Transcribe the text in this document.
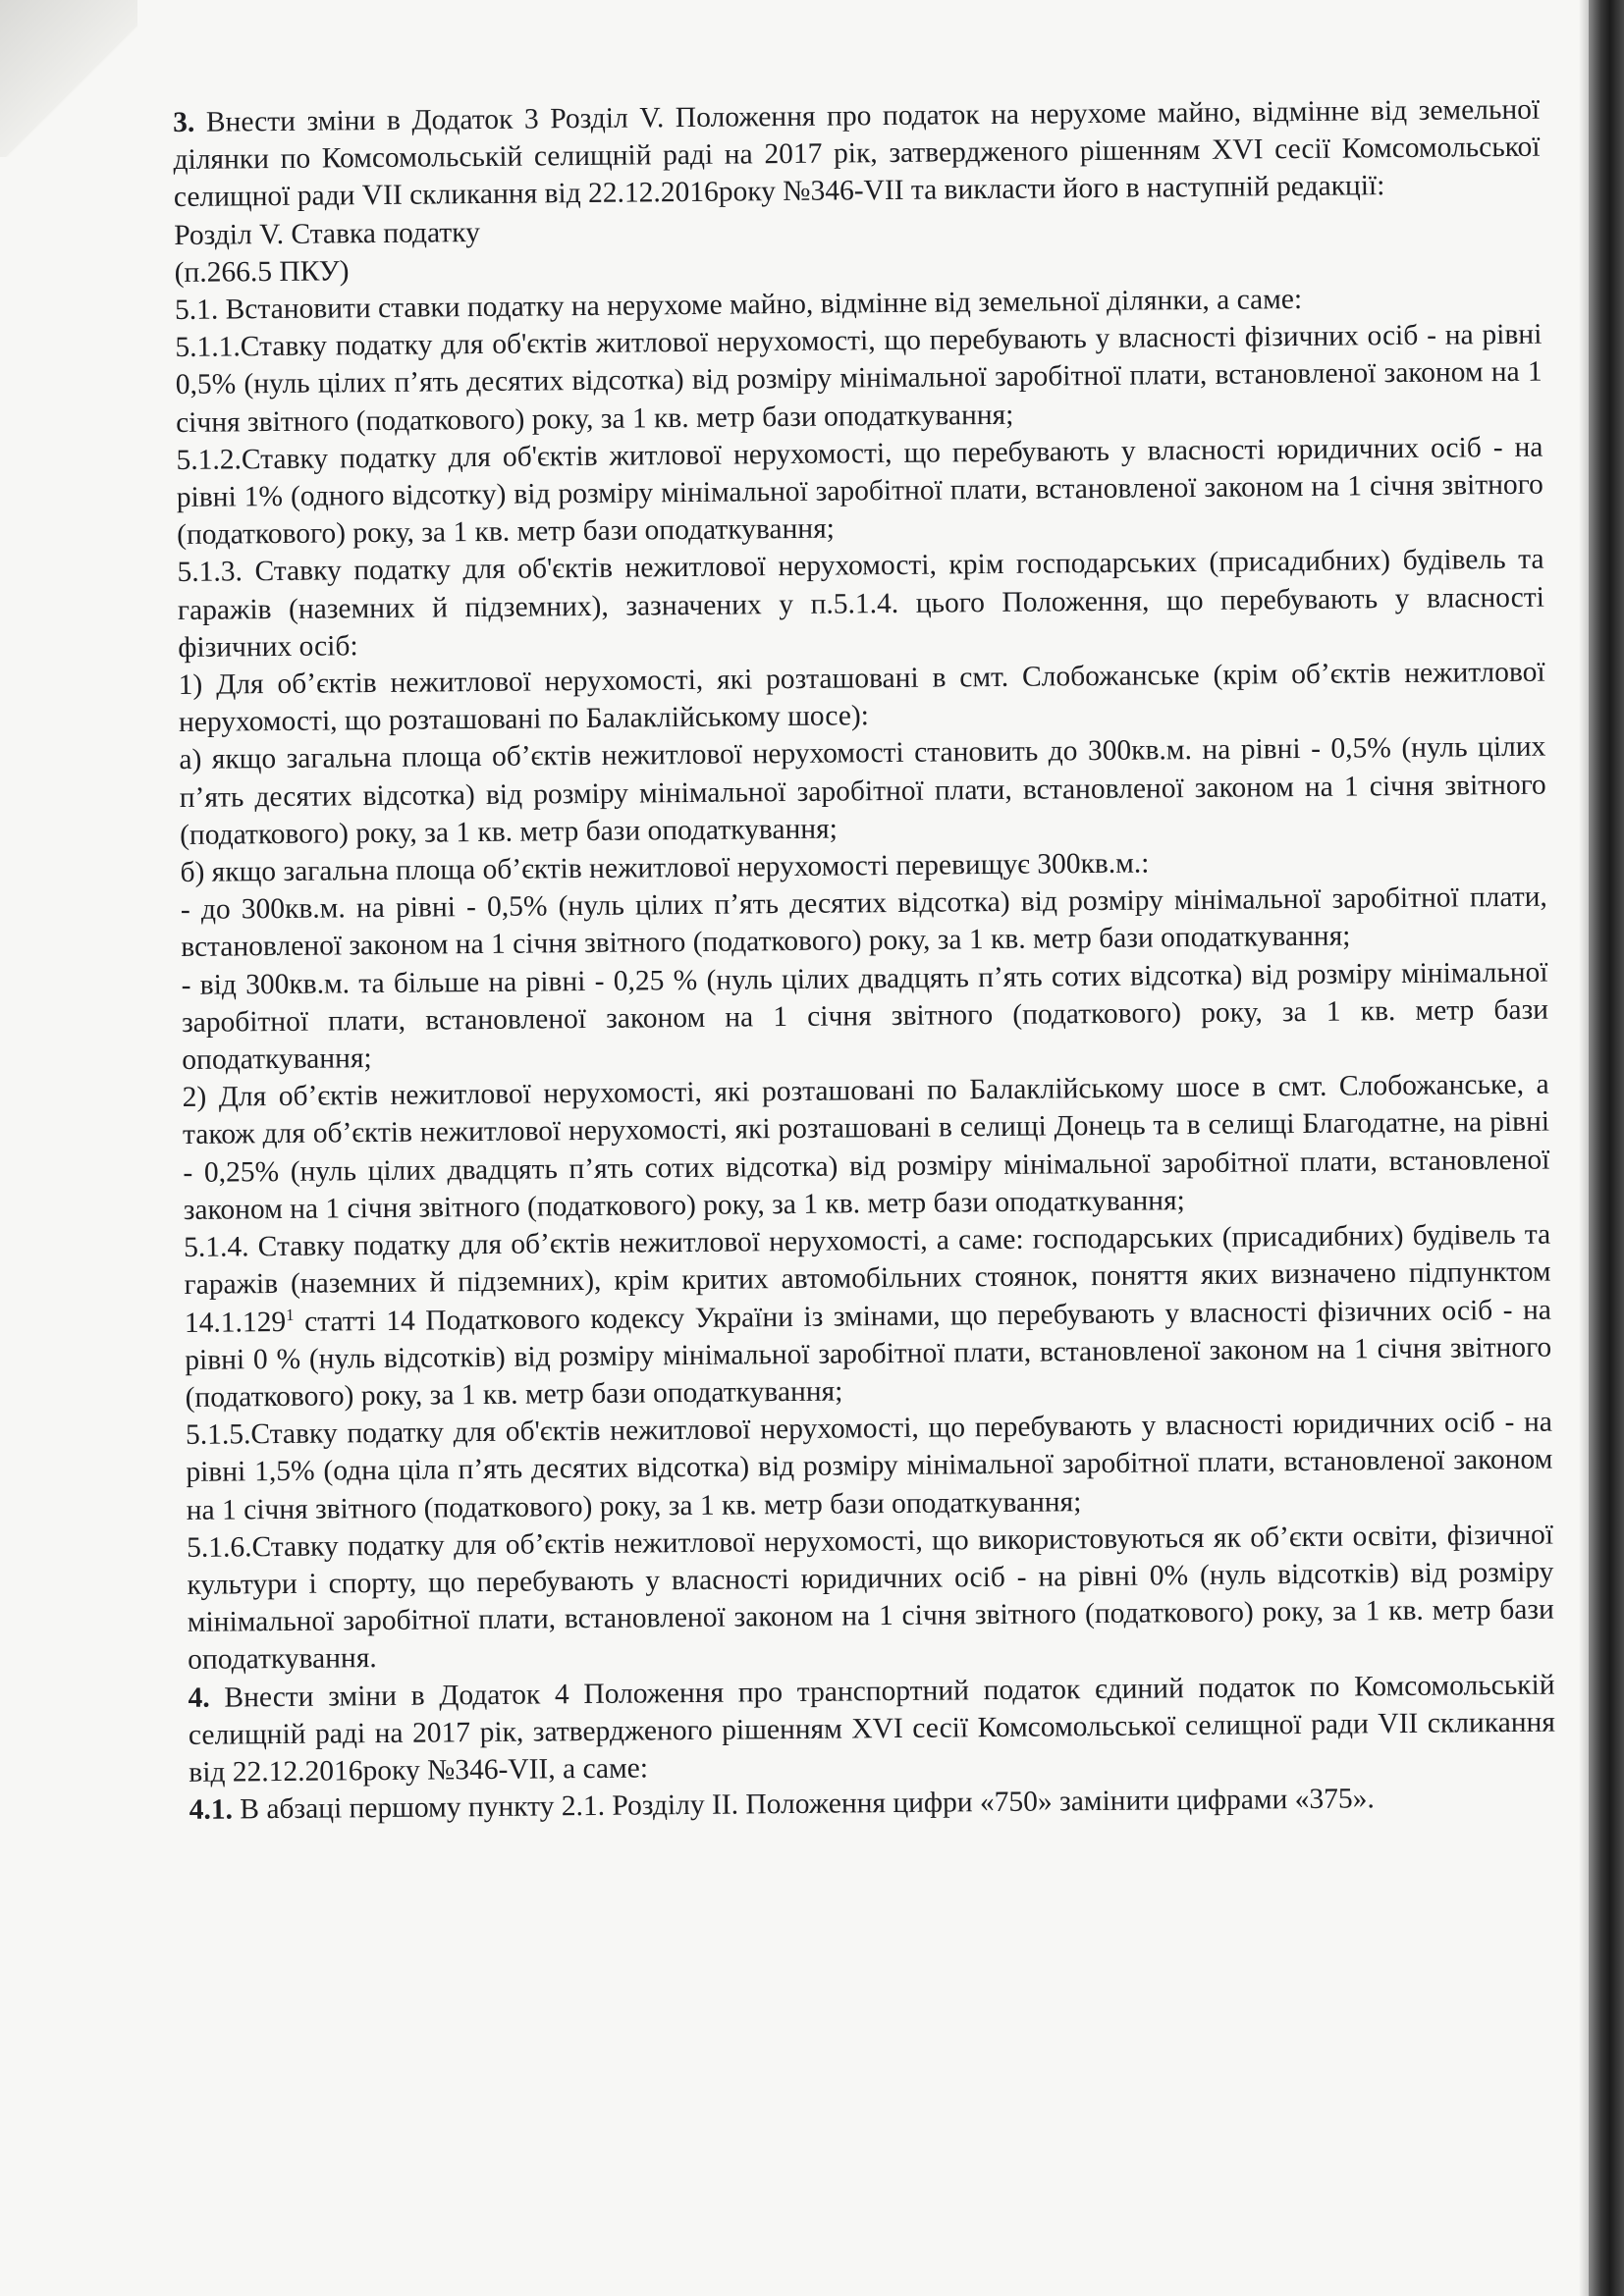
3. Внести зміни в Додаток 3 Розділ V. Положення про податок на нерухоме майно, відмінне від земельної ділянки по Комсомольській селищній раді на 2017 рік, затвердженого рішенням XVI сесії Комсомольської селищної ради VII скликання від 22.12.2016року №346-VII та викласти його в наступній редакції:

Розділ V. Ставка податку

(п.266.5 ПКУ)

5.1. Встановити ставки податку на нерухоме майно, відмінне від земельної ділянки, а саме:

5.1.1.Ставку податку для об'єктів житлової нерухомості, що перебувають у власності фізичних осіб - на рівні 0,5% (нуль цілих п’ять десятих відсотка) від розміру мінімальної заробітної плати, встановленої законом на 1 січня звітного (податкового) року, за 1 кв. метр бази оподаткування;

5.1.2.Ставку податку для об'єктів житлової нерухомості, що перебувають у власності юридичних осіб - на рівні 1% (одного відсотку) від розміру мінімальної заробітної плати, встановленої законом на 1 січня звітного (податкового) року, за 1 кв. метр бази оподаткування;

5.1.3. Ставку податку для об'єктів нежитлової нерухомості, крім господарських (присадибних) будівель та гаражів (наземних й підземних), зазначених у п.5.1.4. цього Положення, що перебувають у власності фізичних осіб:

1) Для об’єктів нежитлової нерухомості, які розташовані в смт. Слобожанське (крім об’єктів нежитлової нерухомості, що розташовані по Балаклійському шосе):

а) якщо загальна площа об’єктів нежитлової нерухомості становить до 300кв.м. на рівні - 0,5% (нуль цілих п’ять десятих відсотка) від розміру мінімальної заробітної плати, встановленої законом на 1 січня звітного (податкового) року, за 1 кв. метр бази оподаткування;

б) якщо загальна площа об’єктів нежитлової нерухомості перевищує 300кв.м.:

- до 300кв.м. на рівні - 0,5% (нуль цілих п’ять десятих відсотка) від розміру мінімальної заробітної плати, встановленої законом на 1 січня звітного (податкового) року, за 1 кв. метр бази оподаткування;

- від 300кв.м. та більше на рівні - 0,25 % (нуль цілих двадцять п’ять сотих відсотка) від розміру мінімальної заробітної плати, встановленої законом на 1 січня звітного (податкового) року, за 1 кв. метр бази оподаткування;

2) Для об’єктів нежитлової нерухомості, які розташовані по Балаклійському шосе в смт. Слобожанське, а також для об’єктів нежитлової нерухомості, які розташовані в селищі Донець та в селищі Благодатне, на рівні - 0,25% (нуль цілих двадцять п’ять сотих відсотка) від розміру мінімальної заробітної плати, встановленої законом на 1 січня звітного (податкового) року, за 1 кв. метр бази оподаткування;

5.1.4. Ставку податку для об’єктів нежитлової нерухомості, а саме: господарських (присадибних) будівель та гаражів (наземних й підземних), крім критих автомобільних стоянок, поняття яких визначено підпунктом 14.1.129$^1$ статті 14 Податкового кодексу України із змінами, що перебувають у власності фізичних осіб - на рівні 0 % (нуль відсотків) від розміру мінімальної заробітної плати, встановленої законом на 1 січня звітного (податкового) року, за 1 кв. метр бази оподаткування;

5.1.5.Ставку податку для об'єктів нежитлової нерухомості, що перебувають у власності юридичних осіб - на рівні 1,5% (одна ціла п’ять десятих відсотка) від розміру мінімальної заробітної плати, встановленої законом на 1 січня звітного (податкового) року, за 1 кв. метр бази оподаткування;

5.1.6.Ставку податку для об’єктів нежитлової нерухомості, що використовуються як об’єкти освіти, фізичної культури і спорту, що перебувають у власності юридичних осіб - на рівні 0% (нуль відсотків) від розміру мінімальної заробітної плати, встановленої законом на 1 січня звітного (податкового) року, за 1 кв. метр бази оподаткування.

4. Внести зміни в Додаток 4 Положення про транспортний податок єдиний податок по Комсомольській селищній раді на 2017 рік, затвердженого рішенням XVI сесії Комсомольської селищної ради VII скликання від 22.12.2016року №346-VII, а саме:

4.1. В абзаці першому пункту 2.1. Розділу ІІ. Положення цифри «750» замінити цифрами «375».
